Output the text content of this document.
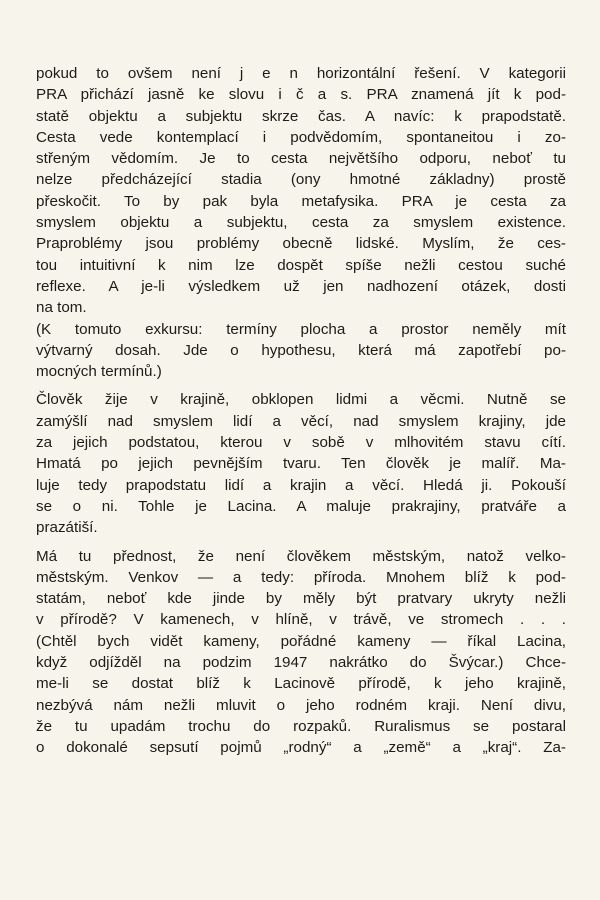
pokud to ovšem není j e n horizontální řešení. V kategorii
PRA přichází jasně ke slovu i č a s. PRA znamená jít k pod-
statě objektu a subjektu skrze čas. A navíc: k prapodstatě.
Cesta vede kontemplací i podvědomím, spontaneitou i zo-
střeným vědomím. Je to cesta největšího odporu, neboť tu
nelze předcházející stadia (ony hmotné základny) prostě
přeskočit. To by pak byla metafysika. PRA je cesta za
smyslem objektu a subjektu, cesta za smyslem existence.
Praproblémy jsou problémy obecně lidské. Myslím, že ces-
tou intuitivní k nim lze dospět spíše nežli cestou suché
reflexe. A je-li výsledkem už jen nadhození otázek, dosti
na tom.
(K tomuto exkursu: termíny plocha a prostor neměly mít
výtvarný dosah. Jde o hypothesu, která má zapotřebí po-
mocných termínů.)
Člověk žije v krajině, obklopen lidmi a věcmi. Nutně se
zamýšlí nad smyslem lidí a věcí, nad smyslem krajiny, jde
za jejich podstatou, kterou v sobě v mlhovitém stavu cítí.
Hmatá po jejich pevnějším tvaru. Ten člověk je malíř. Ma-
luje tedy prapodstatu lidí a krajin a věcí. Hledá ji. Pokouší
se o ni. Tohle je Lacina. A maluje prakrajiny, pratváře a
prazátiší.
Má tu přednost, že není člověkem městským, natož velko-
městským. Venkov — a tedy: příroda. Mnohem blíž k pod-
statám, neboť kde jinde by měly být pratvary ukryty nežli
v přírodě? V kamenech, v hlíně, v trávě, ve stromech . . .
(Chtěl bych vidět kameny, pořádné kameny — říkal Lacina,
když odjížděl na podzim 1947 nakrátko do Švýcar.) Chce-
me-li se dostat blíž k Lacinově přírodě, k jeho krajině,
nezbývá nám nežli mluvit o jeho rodném kraji. Není divu,
že tu upadám trochu do rozpaků. Ruralismus se postaral
o dokonalé sepsutí pojmů „rodný“ a „země“ a „kraj“. Za-
